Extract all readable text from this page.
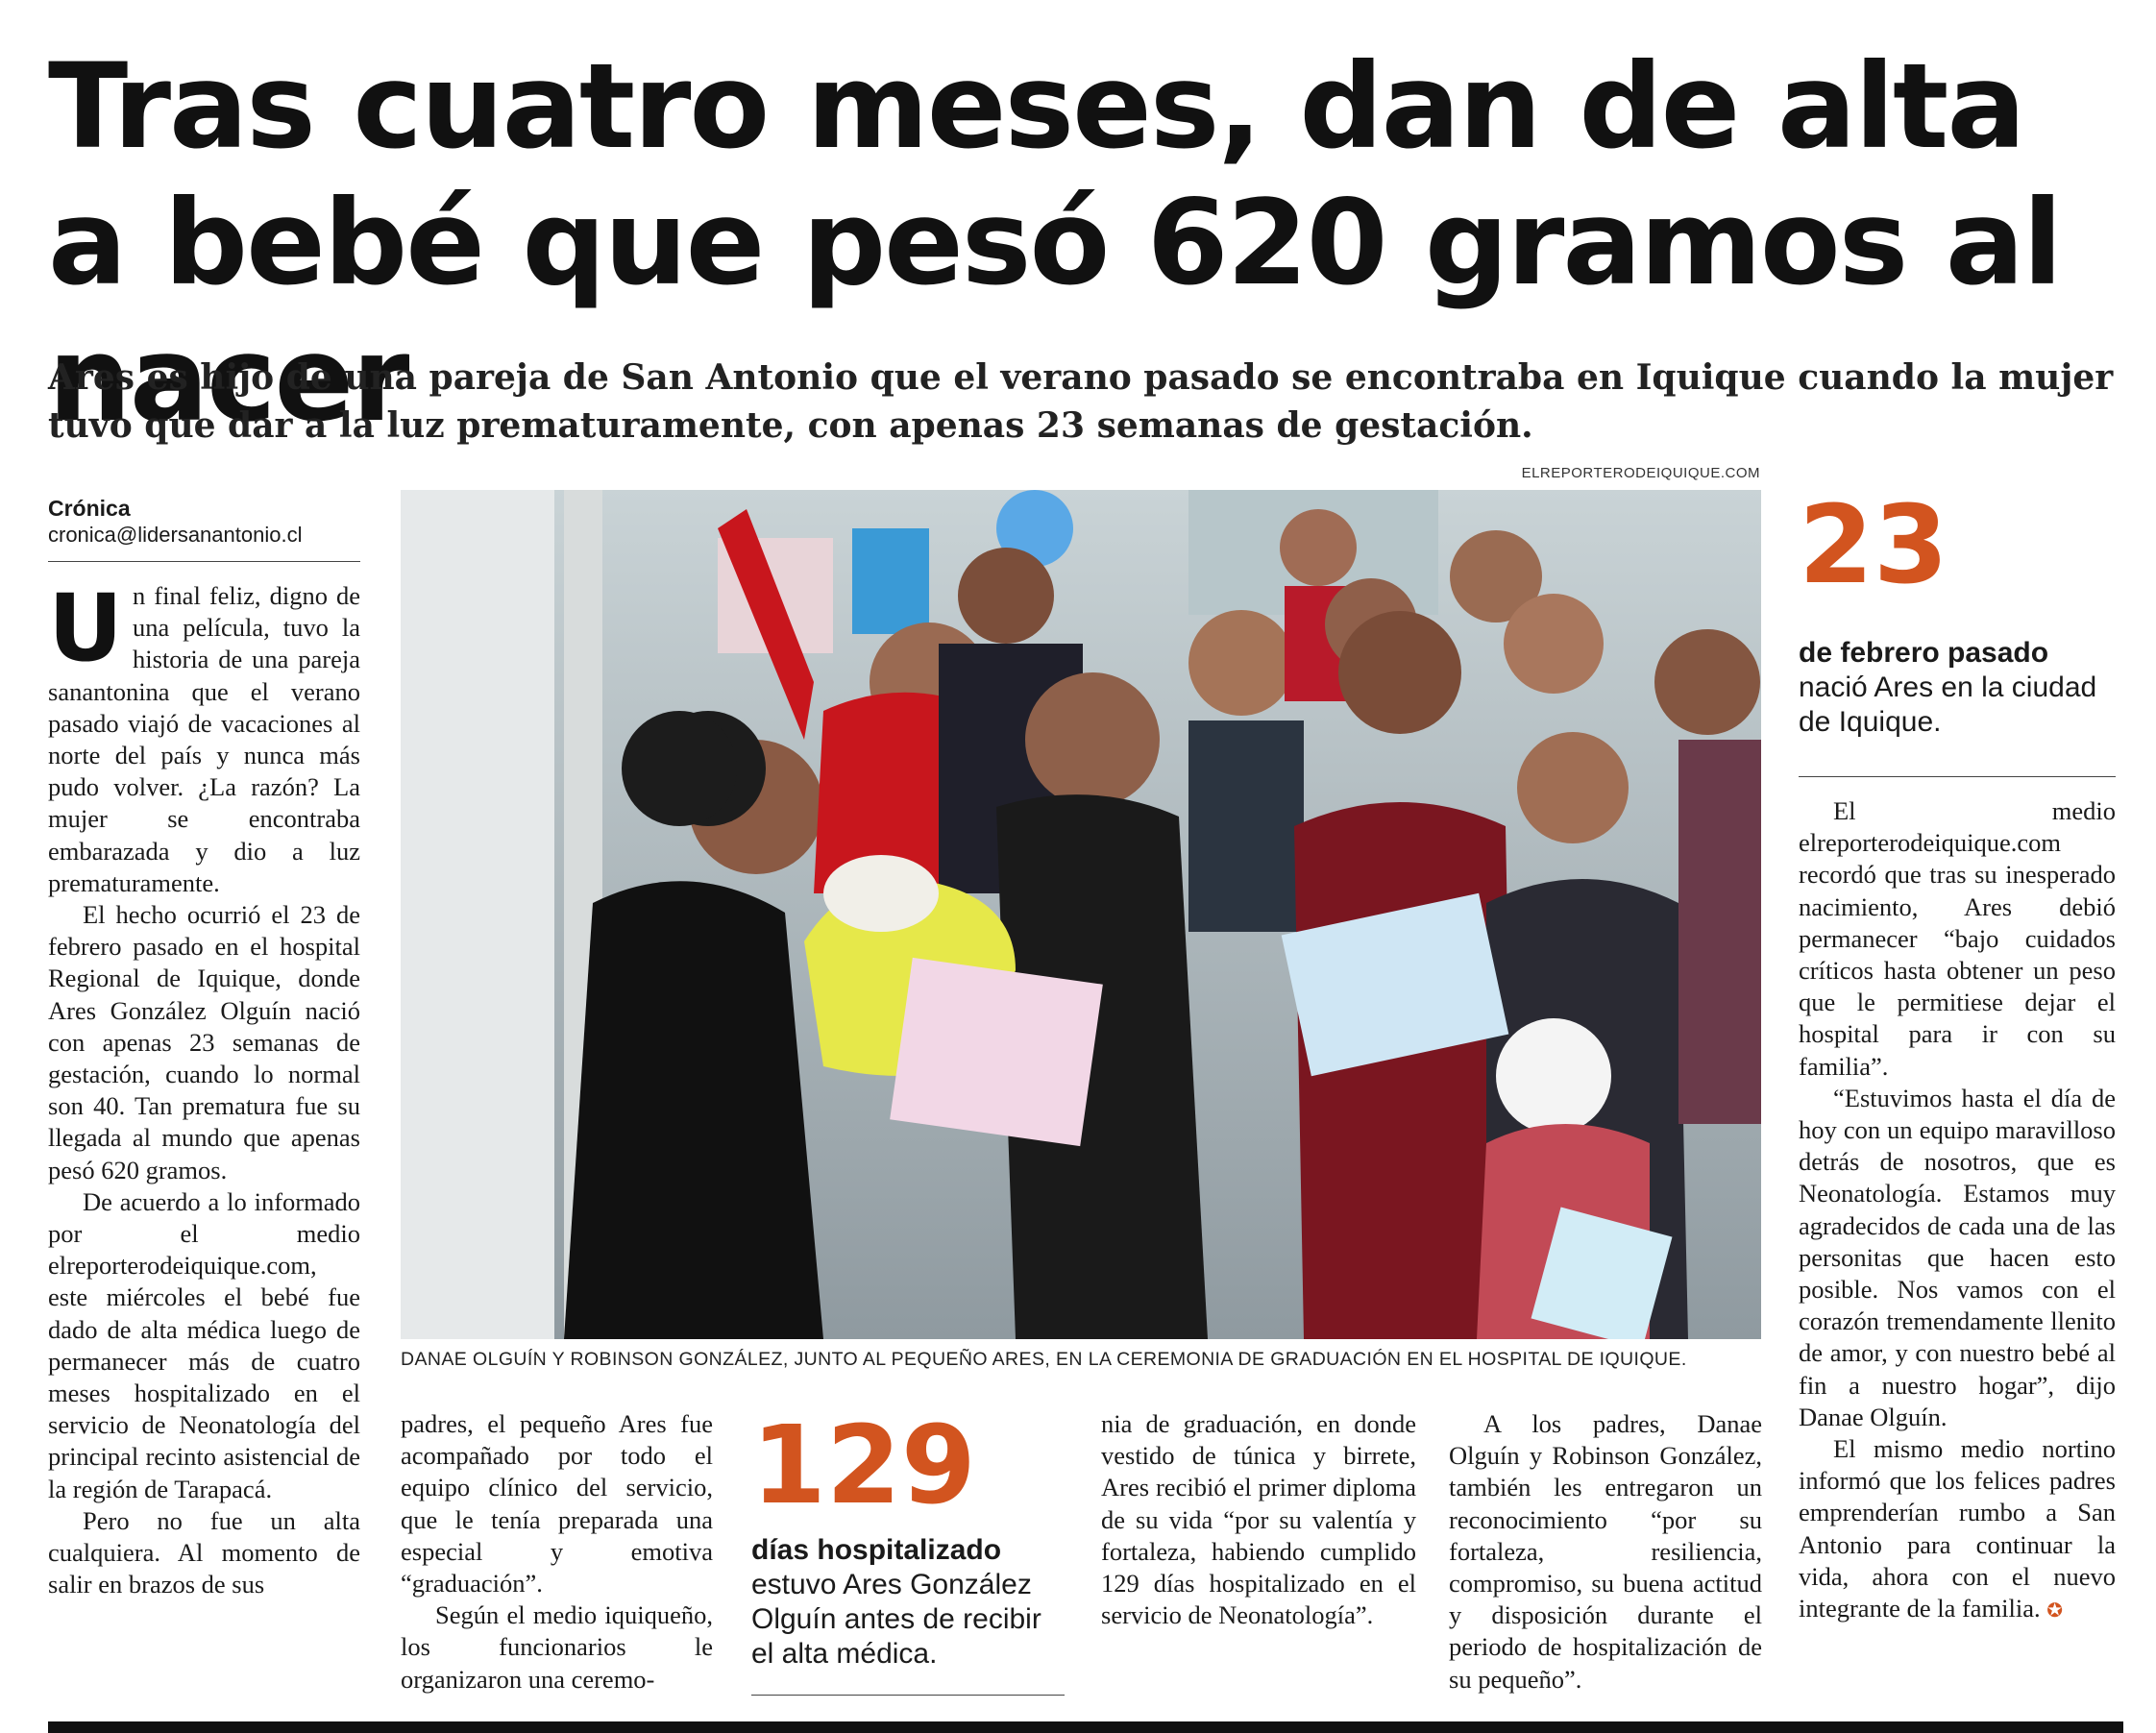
Tras cuatro meses, dan de alta a bebé que pesó 620 gramos al nacer

Ares es hijo de una pareja de San Antonio que el verano pasado se encontraba en Iquique cuando la mujer tuvo que dar a la luz prematuramente, con apenas 23 semanas de gestación.

Crónica
cronica@lidersanantonio.cl

Un final feliz, digno de una película, tuvo la historia de una pareja sanantonina que el verano pasado viajó de vacaciones al norte del país y nunca más pudo volver. ¿La razón? La mujer se encontraba embarazada y dio a luz prematuramente.

El hecho ocurrió el 23 de febrero pasado en el hospital Regional de Iquique, donde Ares González Olguín nació con apenas 23 semanas de gestación, cuando lo normal son 40. Tan prematura fue su llegada al mundo que apenas pesó 620 gramos.

De acuerdo a lo informado por el medio elreporterodeiquique.com, este miércoles el bebé fue dado de alta médica luego de permanecer más de cuatro meses hospitalizado en el servicio de Neonatología del principal recinto asistencial de la región de Tarapacá.

Pero no fue un alta cualquiera. Al momento de salir en brazos de sus

ELREPORTERODEIQUIQUE.COM
DANAE OLGUÍN Y ROBINSON GONZÁLEZ, JUNTO AL PEQUEÑO ARES, EN LA CEREMONIA DE GRADUACIÓN EN EL HOSPITAL DE IQUIQUE.

padres, el pequeño Ares fue acompañado por todo el equipo clínico del servicio, que le tenía preparada una especial y emotiva “graduación”.

Según el medio iquiqueño, los funcionarios le organizaron una ceremo-

129
días hospitalizado estuvo Ares González Olguín antes de recibir el alta médica.

nia de graduación, en donde vestido de túnica y birrete, Ares recibió el primer diploma de su vida “por su valentía y fortaleza, habiendo cumplido 129 días hospitalizado en el servicio de Neonatología”.

A los padres, Danae Olguín y Robinson González, también les entregaron un reconocimiento “por su fortaleza, resiliencia, compromiso, su buena actitud y disposición durante el periodo de hospitalización de su pequeño”.

23
de febrero pasado nació Ares en la ciudad de Iquique.

El medio elreporterodeiquique.com recordó que tras su inesperado nacimiento, Ares debió permanecer “bajo cuidados críticos hasta obtener un peso que le permitiese dejar el hospital para ir con su familia”.

“Estuvimos hasta el día de hoy con un equipo maravilloso detrás de nosotros, que es Neonatología. Estamos muy agradecidos de cada una de las personitas que hacen esto posible. Nos vamos con el corazón tremendamente llenito de amor, y con nuestro bebé al fin a nuestro hogar”, dijo Danae Olguín.

El mismo medio nortino informó que los felices padres emprenderían rumbo a San Antonio para continuar la vida, ahora con el nuevo integrante de la familia. ✪
